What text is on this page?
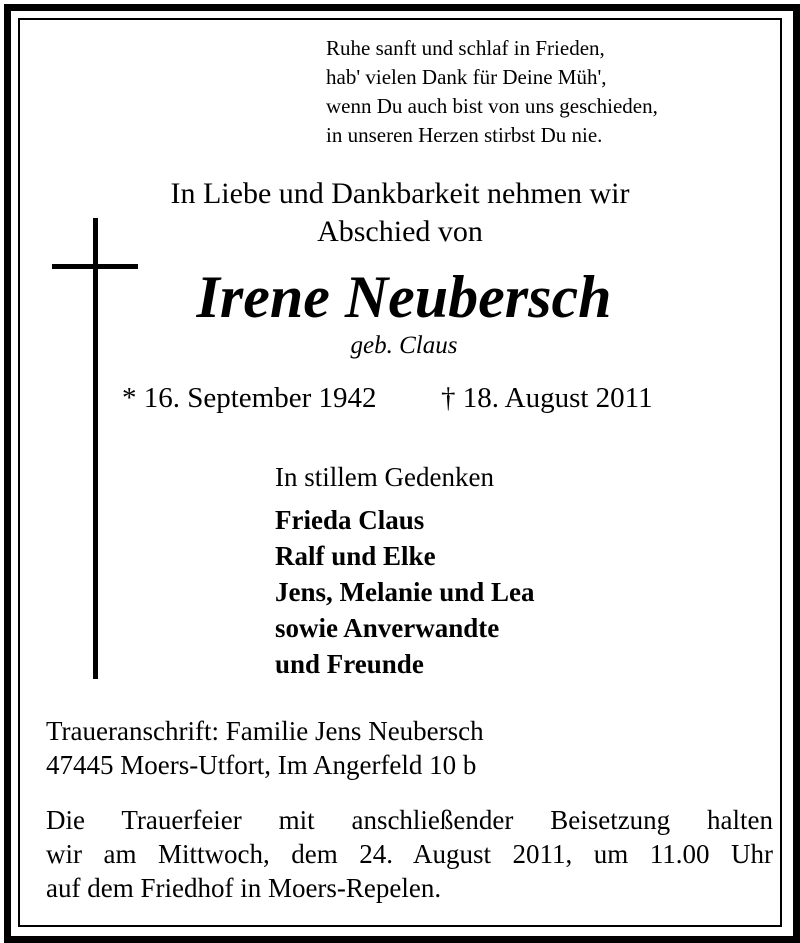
Ruhe sanft und schlaf in Frieden,
hab' vielen Dank für Deine Müh',
wenn Du auch bist von uns geschieden,
in unseren Herzen stirbst Du nie.
In Liebe und Dankbarkeit nehmen wir
Abschied von
Irene Neubersch
geb. Claus
* 16. September 1942 † 18. August 2011
In stillem Gedenken
Frieda Claus
Ralf und Elke
Jens, Melanie und Lea
sowie Anverwandte
und Freunde
Traueranschrift: Familie Jens Neubersch
47445 Moers-Utfort, Im Angerfeld 10 b
Die Trauerfeier mit anschließender Beisetzung halten
wir am Mittwoch, dem 24. August 2011, um 11.00 Uhr
auf dem Friedhof in Moers-Repelen.
